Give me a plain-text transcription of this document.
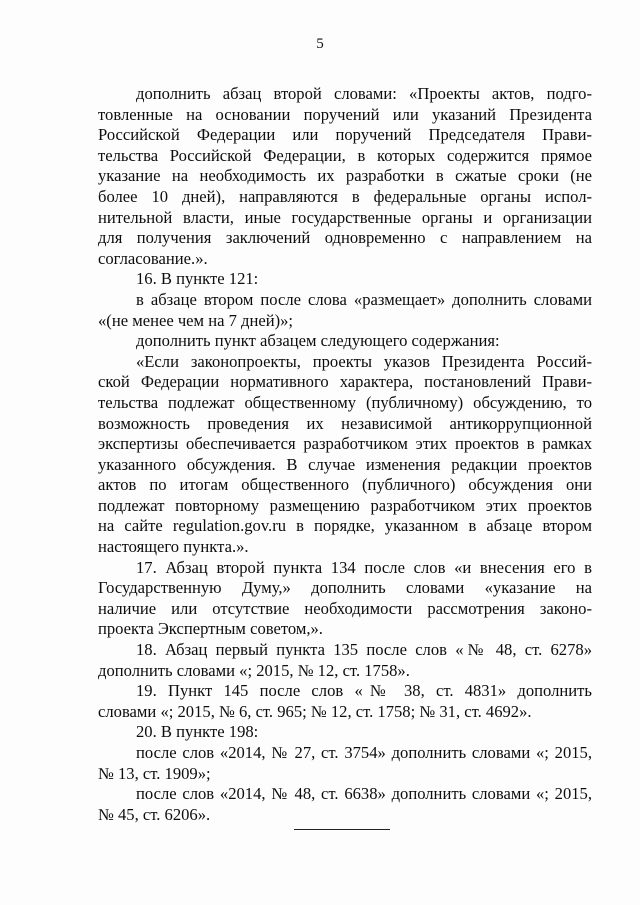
5
дополнить абзац второй словами: «Проекты актов, подго-
товленные на основании поручений или указаний Президента
Российской Федерации или поручений Председателя Прави-
тельства Российской Федерации, в которых содержится прямое
указание на необходимость их разработки в сжатые сроки (не
более 10 дней), направляются в федеральные органы испол-
нительной власти, иные государственные органы и организации
для получения заключений одновременно с направлением на
согласование.».
16. В пункте 121:
в абзаце втором после слова «размещает» дополнить словами
«(не менее чем на 7 дней)»;
дополнить пункт абзацем следующего содержания:
«Если законопроекты, проекты указов Президента Россий-
ской Федерации нормативного характера, постановлений Прави-
тельства подлежат общественному (публичному) обсуждению, то
возможность проведения их независимой антикоррупционной
экспертизы обеспечивается разработчиком этих проектов в рамках
указанного обсуждения. В случае изменения редакции проектов
актов по итогам общественного (публичного) обсуждения они
подлежат повторному размещению разработчиком этих проектов
на сайте regulation.gov.ru в порядке, указанном в абзаце втором
настоящего пункта.».
17. Абзац второй пункта 134 после слов «и внесения его в
Государственную Думу,» дополнить словами «указание на
наличие или отсутствие необходимости рассмотрения законо-
проекта Экспертным советом,».
18. Абзац первый пункта 135 после слов «№ 48, ст. 6278»
дополнить словами «; 2015, № 12, ст. 1758».
19. Пункт 145 после слов «№ 38, ст. 4831» дополнить
словами «; 2015, № 6, ст. 965; № 12, ст. 1758; № 31, ст. 4692».
20. В пункте 198:
после слов «2014, № 27, ст. 3754» дополнить словами «; 2015,
№ 13, ст. 1909»;
после слов «2014, № 48, ст. 6638» дополнить словами «; 2015,
№ 45, ст. 6206».
